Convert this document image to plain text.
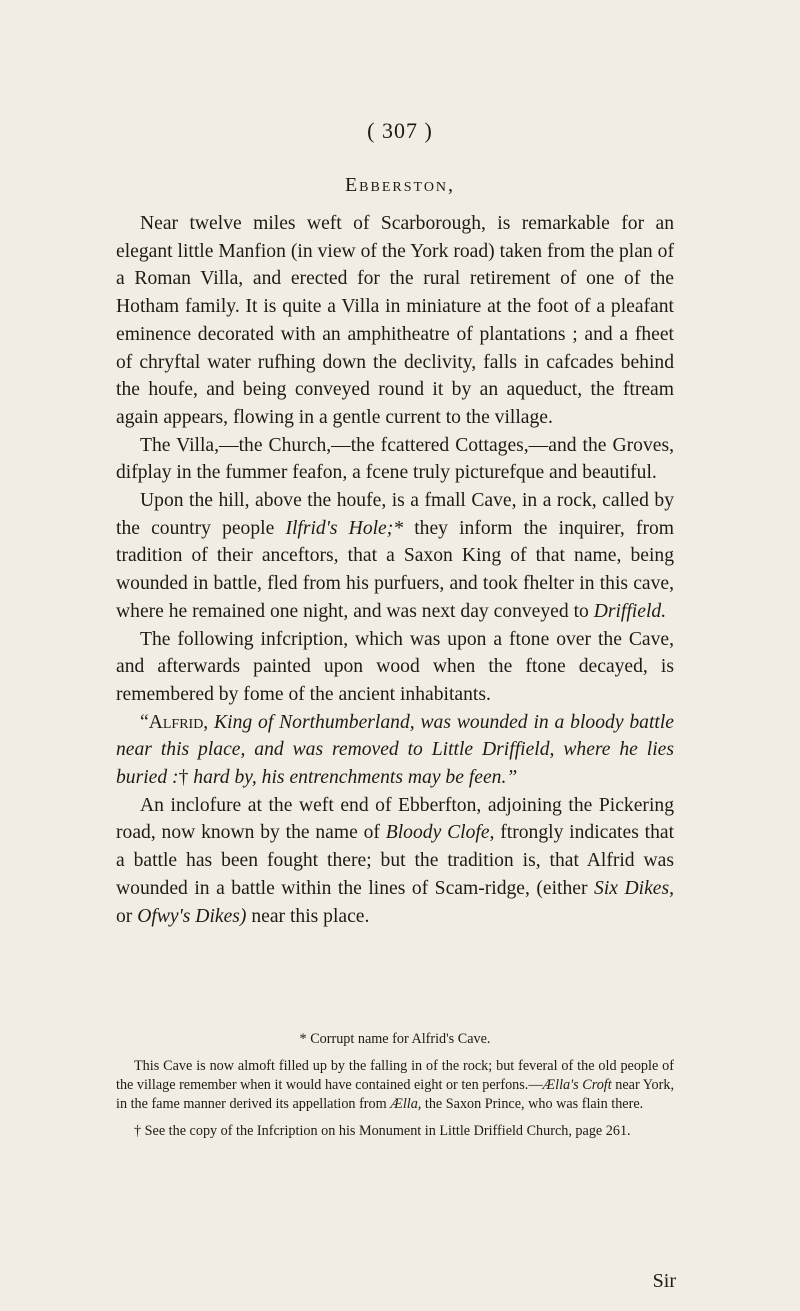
( 307 )
Ebberston,

Near twelve miles weft of Scarborough, is remarkable for an elegant little Manfion (in view of the York road) taken from the plan of a Roman Villa, and erected for the rural retirement of one of the Hotham family. It is quite a Villa in miniature at the foot of a pleafant eminence decorated with an amphitheatre of plantations ; and a fheet of chryftal water rufhing down the declivity, falls in cafcades behind the houfe, and being conveyed round it by an aqueduct, the ftream again appears, flowing in a gentle current to the village.

The Villa,—the Church,—the fcattered Cottages,—and the Groves, difplay in the fummer feafon, a fcene truly picturefque and beautiful.

Upon the hill, above the houfe, is a fmall Cave, in a rock, called by the country people Ilfrid's Hole;* they inform the inquirer, from tradition of their anceftors, that a Saxon King of that name, being wounded in battle, fled from his purfuers, and took fhelter in this cave, where he remained one night, and was next day conveyed to Driffield.

The following infcription, which was upon a ftone over the Cave, and afterwards painted upon wood when the ftone decayed, is remembered by fome of the ancient inhabitants.

“Alfrid, King of Northumberland, was wounded in a bloody battle near this place, and was removed to Little Driffield, where he lies buried :† hard by, his entrenchments may be feen.”

An inclofure at the weft end of Ebberfton, adjoining the Pickering road, now known by the name of Bloody Clofe, ftrongly indicates that a battle has been fought there; but the tradition is, that Alfrid was wounded in a battle within the lines of Scam-ridge, (either Six Dikes, or Ofwy's Dikes) near this place.

* Corrupt name for Alfrid's Cave.

This Cave is now almoft filled up by the falling in of the rock; but feveral of the old people of the village remember when it would have contained eight or ten perfons.—Ælla's Croft near York, in the fame manner derived its appellation from Ælla, the Saxon Prince, who was flain there.

† See the copy of the Infcription on his Monument in Little Driffield Church, page 261.

Sir
